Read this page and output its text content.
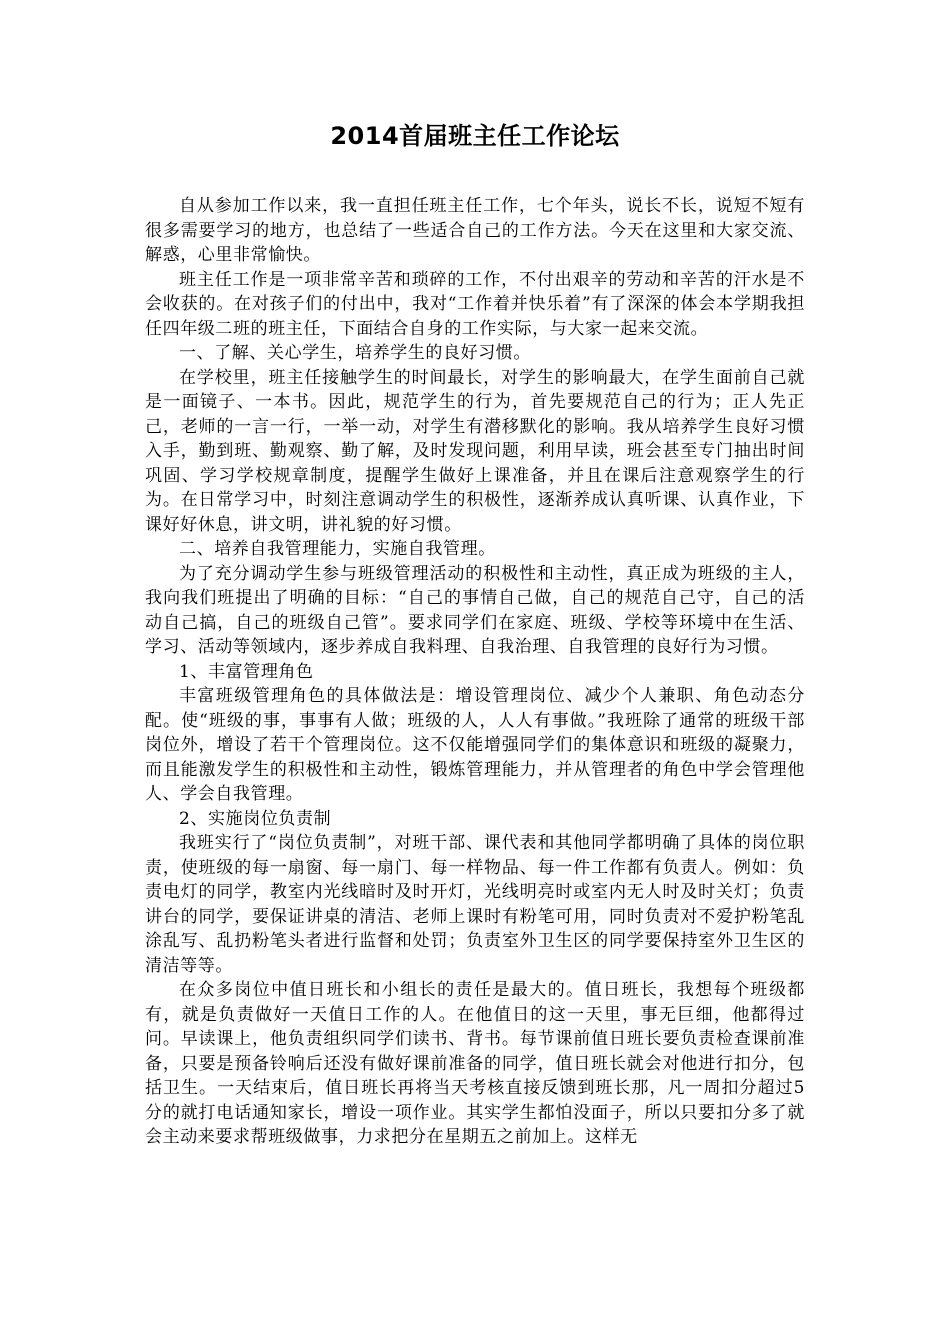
2014首届班主任工作论坛

自从参加工作以来，我一直担任班主任工作，七个年头，说长不长，说短不短有很多需要学习的地方，也总结了一些适合自己的工作方法。今天在这里和大家交流、解惑，心里非常愉快。

班主任工作是一项非常辛苦和琐碎的工作，不付出艰辛的劳动和辛苦的汗水是不会收获的。在对孩子们的付出中，我对“工作着并快乐着”有了深深的体会本学期我担任四年级二班的班主任，下面结合自身的工作实际，与大家一起来交流。

一、了解、关心学生，培养学生的良好习惯。

在学校里，班主任接触学生的时间最长，对学生的影响最大，在学生面前自己就是一面镜子、一本书。因此，规范学生的行为，首先要规范自己的行为；正人先正己，老师的一言一行，一举一动，对学生有潜移默化的影响。我从培养学生良好习惯入手，勤到班、勤观察、勤了解，及时发现问题，利用早读，班会甚至专门抽出时间巩固、学习学校规章制度，提醒学生做好上课准备，并且在课后注意观察学生的行为。在日常学习中，时刻注意调动学生的积极性，逐渐养成认真听课、认真作业，下课好好休息，讲文明，讲礼貌的好习惯。

二、培养自我管理能力，实施自我管理。

为了充分调动学生参与班级管理活动的积极性和主动性，真正成为班级的主人，我向我们班提出了明确的目标：“自己的事情自己做，自己的规范自己守，自己的活动自己搞，自己的班级自己管”。要求同学们在家庭、班级、学校等环境中在生活、学习、活动等领域内，逐步养成自我料理、自我治理、自我管理的良好行为习惯。

1、丰富管理角色

丰富班级管理角色的具体做法是：增设管理岗位、减少个人兼职、角色动态分配。使“班级的事，事事有人做；班级的人，人人有事做。”我班除了通常的班级干部岗位外，增设了若干个管理岗位。这不仅能增强同学们的集体意识和班级的凝聚力，而且能激发学生的积极性和主动性，锻炼管理能力，并从管理者的角色中学会管理他人、学会自我管理。

2、实施岗位负责制

我班实行了“岗位负责制”，对班干部、课代表和其他同学都明确了具体的岗位职责，使班级的每一扇窗、每一扇门、每一样物品、每一件工作都有负责人。例如：负责电灯的同学，教室内光线暗时及时开灯，光线明亮时或室内无人时及时关灯；负责讲台的同学，要保证讲桌的清洁、老师上课时有粉笔可用，同时负责对不爱护粉笔乱涂乱写、乱扔粉笔头者进行监督和处罚；负责室外卫生区的同学要保持室外卫生区的清洁等等。

在众多岗位中值日班长和小组长的责任是最大的。值日班长，我想每个班级都有，就是负责做好一天值日工作的人。在他值日的这一天里，事无巨细，他都得过问。早读课上，他负责组织同学们读书、背书。每节课前值日班长要负责检查课前准备，只要是预备铃响后还没有做好课前准备的同学，值日班长就会对他进行扣分，包括卫生。一天结束后，值日班长再将当天考核直接反馈到班长那，凡一周扣分超过5分的就打电话通知家长，增设一项作业。其实学生都怕没面子，所以只要扣分多了就会主动来要求帮班级做事，力求把分在星期五之前加上。这样无
